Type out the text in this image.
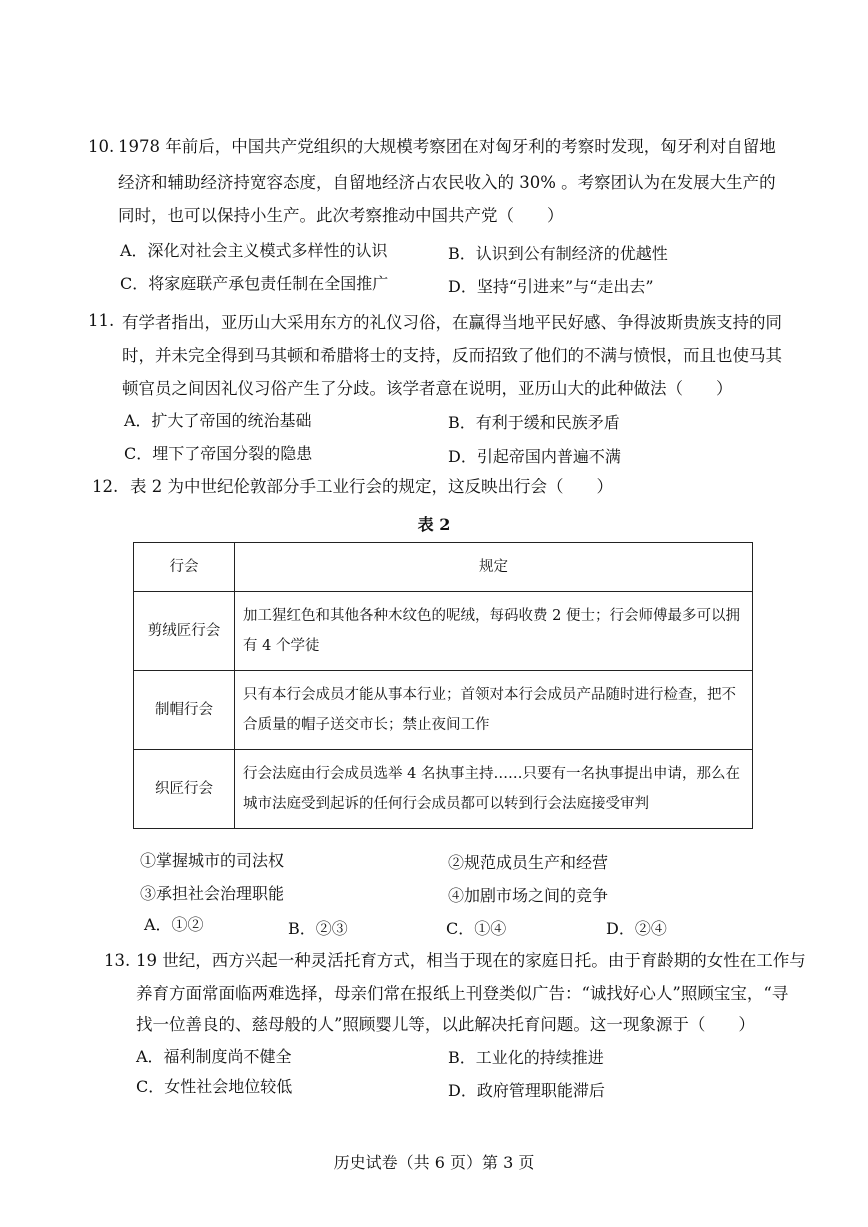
10. 1978 年前后，中国共产党组织的大规模考察团在对匈牙利的考察时发现，匈牙利对自留地
经济和辅助经济持宽容态度，自留地经济占农民收入的 30% 。考察团认为在发展大生产的
同时，也可以保持小生产。此次考察推动中国共产党（　　）
A．深化对社会主义模式多样性的认识	B．认识到公有制经济的优越性
C．将家庭联产承包责任制在全国推广	D．坚持“引进来”与“走出去”
11. 有学者指出，亚历山大采用东方的礼仪习俗，在赢得当地平民好感、争得波斯贵族支持的同
时，并未完全得到马其顿和希腊将士的支持，反而招致了他们的不满与愤恨，而且也使马其
顿官员之间因礼仪习俗产生了分歧。该学者意在说明，亚历山大的此种做法（　　）
A．扩大了帝国的统治基础	B．有利于缓和民族矛盾
C．埋下了帝国分裂的隐患	D．引起帝国内普遍不满
12. 表 2 为中世纪伦敦部分手工业行会的规定，这反映出行会（　　）
表 2
行会	规定
剪绒匠行会	加工猩红色和其他各种木纹色的呢绒，每码收费 2 便士；行会师傅最多可以拥有 4 个学徒
制帽行会	只有本行会成员才能从事本行业；首领对本行会成员产品随时进行检查，把不合质量的帽子送交市长；禁止夜间工作
织匠行会	行会法庭由行会成员选举 4 名执事主持……只要有一名执事提出申请，那么在城市法庭受到起诉的任何行会成员都可以转到行会法庭接受审判
①掌握城市的司法权	②规范成员生产和经营
③承担社会治理职能	④加剧市场之间的竞争
A．①②	B．②③	C．①④	D．②④
13. 19 世纪，西方兴起一种灵活托育方式，相当于现在的家庭日托。由于育龄期的女性在工作与
养育方面常面临两难选择，母亲们常在报纸上刊登类似广告：“诚找好心人”照顾宝宝，“寻
找一位善良的、慈母般的人”照顾婴儿等，以此解决托育问题。这一现象源于（　　）
A．福利制度尚不健全	B．工业化的持续推进
C．女性社会地位较低	D．政府管理职能滞后
历史试卷（共 6 页）第 3 页
